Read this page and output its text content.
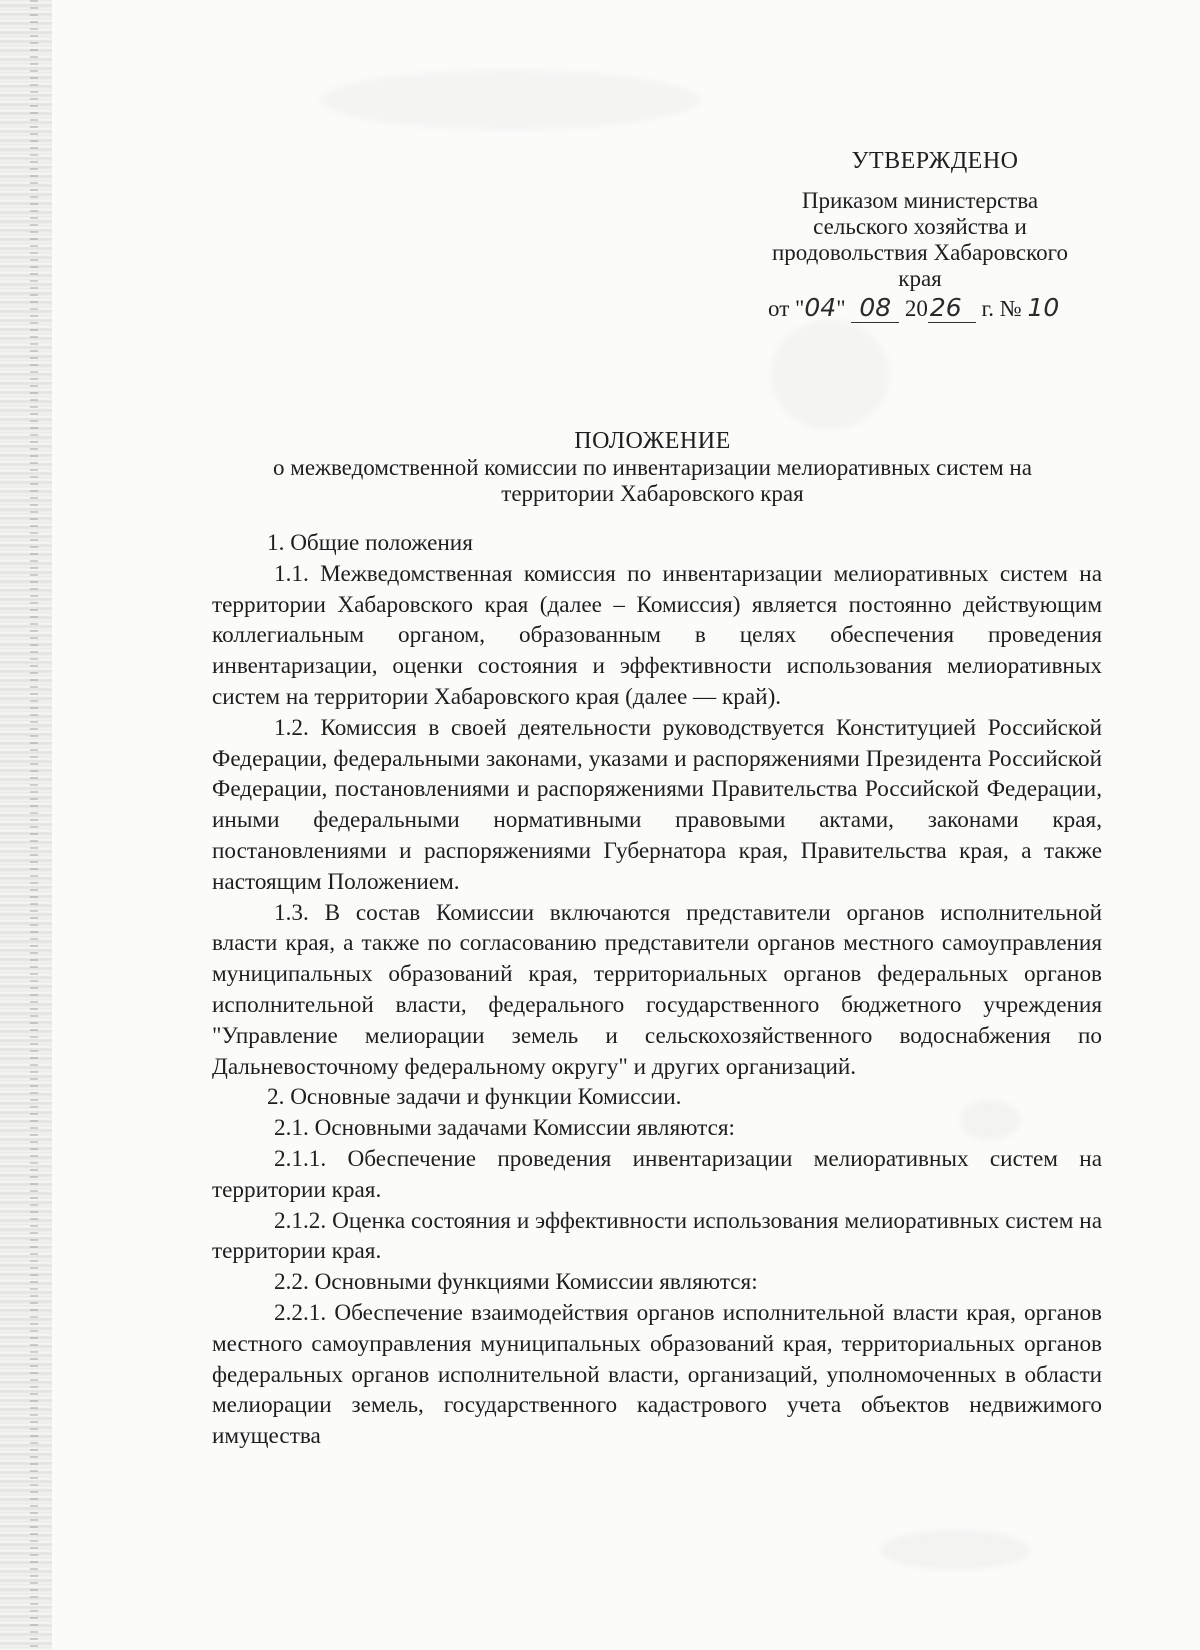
УТВЕРЖДЕНО
Приказом министерства
сельского хозяйства и
продовольствия Хабаровского
края
от "04" 08 2026 г. № 10
ПОЛОЖЕНИЕ
о межведомственной комиссии по инвентаризации мелиоративных систем на
территории Хабаровского края

1. Общие положения

1.1. Межведомственная комиссия по инвентаризации мелиоративных систем на территории Хабаровского края (далее – Комиссия) является постоянно действующим коллегиальным органом, образованным в целях обеспечения проведения инвентаризации, оценки состояния и эффективности использования мелиоративных систем на территории Хабаровского края (далее — край).

1.2. Комиссия в своей деятельности руководствуется Конституцией Российской Федерации, федеральными законами, указами и распоряжениями Президента Российской Федерации, постановлениями и распоряжениями Правительства Российской Федерации, иными федеральными нормативными правовыми актами, законами края, постановлениями и распоряжениями Губернатора края, Правительства края, а также настоящим Положением.

1.3. В состав Комиссии включаются представители органов исполнительной власти края, а также по согласованию представители органов местного самоуправления муниципальных образований края, территориальных органов федеральных органов исполнительной власти, федерального государственного бюджетного учреждения "Управление мелиорации земель и сельскохозяйственного водоснабжения по Дальневосточному федеральному округу" и других организаций.

2. Основные задачи и функции Комиссии.

2.1. Основными задачами Комиссии являются:

2.1.1. Обеспечение проведения инвентаризации мелиоративных систем на территории края.

2.1.2. Оценка состояния и эффективности использования мелиоративных систем на территории края.

2.2. Основными функциями Комиссии являются:

2.2.1. Обеспечение взаимодействия органов исполнительной власти края, органов местного самоуправления муниципальных образований края, территориальных органов федеральных органов исполнительной власти, организаций, уполномоченных в области мелиорации земель, государственного кадастрового учета объектов недвижимого имущества
